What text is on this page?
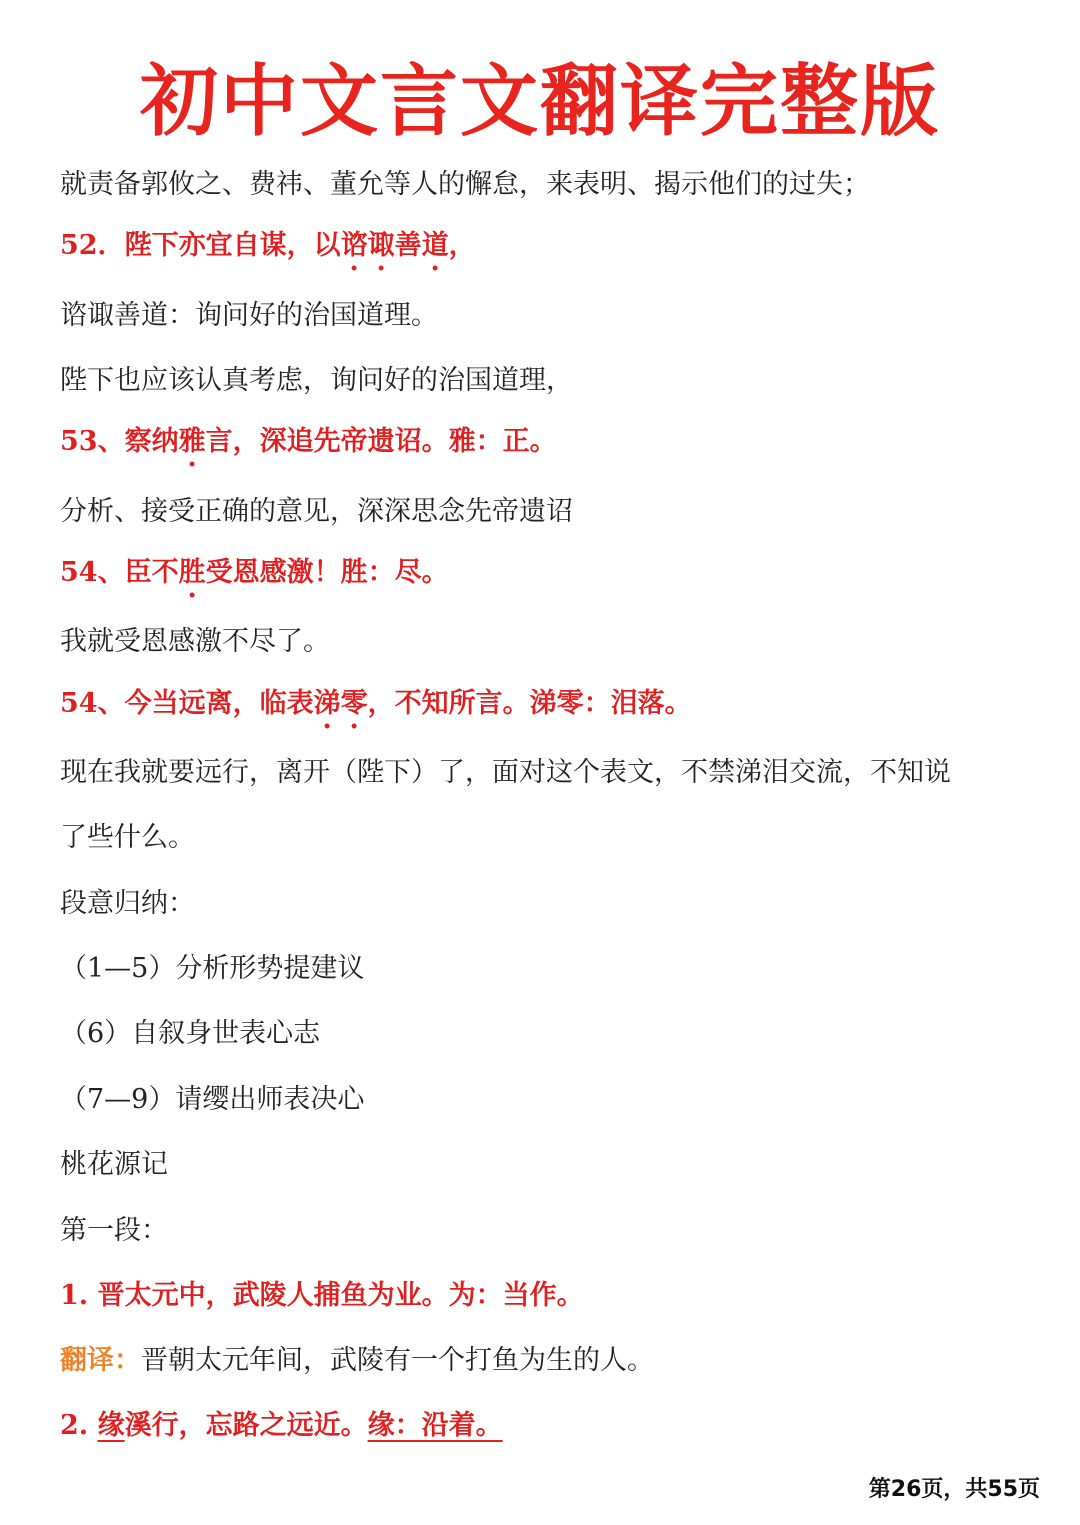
初中文言文翻译完整版
就责备郭攸之、费祎、董允等人的懈怠，来表明、揭示他们的过失；
52．陛下亦宜自谋，以谘诹善道，
谘诹善道：询问好的治国道理。
陛下也应该认真考虑，询问好的治国道理，
53、察纳雅言，深追先帝遗诏。雅：正。
分析、接受正确的意见，深深思念先帝遗诏
54、臣不胜受恩感激！胜：尽。
我就受恩感激不尽了。
54、今当远离，临表涕零，不知所言。涕零：泪落。
现在我就要远行，离开（陛下）了，面对这个表文，不禁涕泪交流，不知说
了些什么。
段意归纳：
（1—5）分析形势提建议
（6）自叙身世表心志
（7—9）请缨出师表决心
桃花源记
第一段：
1. 晋太元中，武陵人捕鱼为业。为：当作。
翻译：晋朝太元年间，武陵有一个打鱼为生的人。
2. 缘溪行，忘路之远近。缘：沿着。
第26页，共55页
